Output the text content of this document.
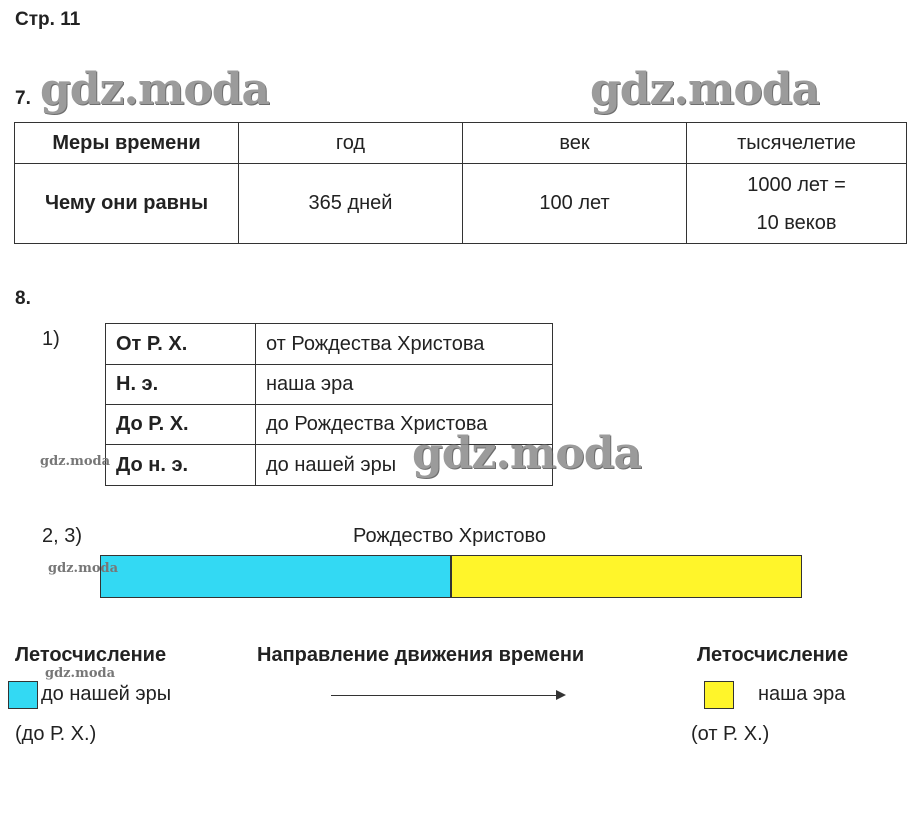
Стр. 11
gdz.moda	gdz.moda
7.
Меры времени	год	век	тысячелетие
Чему они равны	365 дней	100 лет	1000 лет =
10 веков
8.
1)	От Р. Х.	от Рождества Христова
Н. э.	наша эра
До Р. Х.	до Рождества Христова
До н. э.	до нашей эры
gdz.moda	gdz.moda
2, 3)	Рождество Христово
gdz.moda
Летосчисление
gdz.moda
до нашей эры
(до Р. Х.)
Направление движения времени	Летосчисление
наша эра
(от Р. Х.)
